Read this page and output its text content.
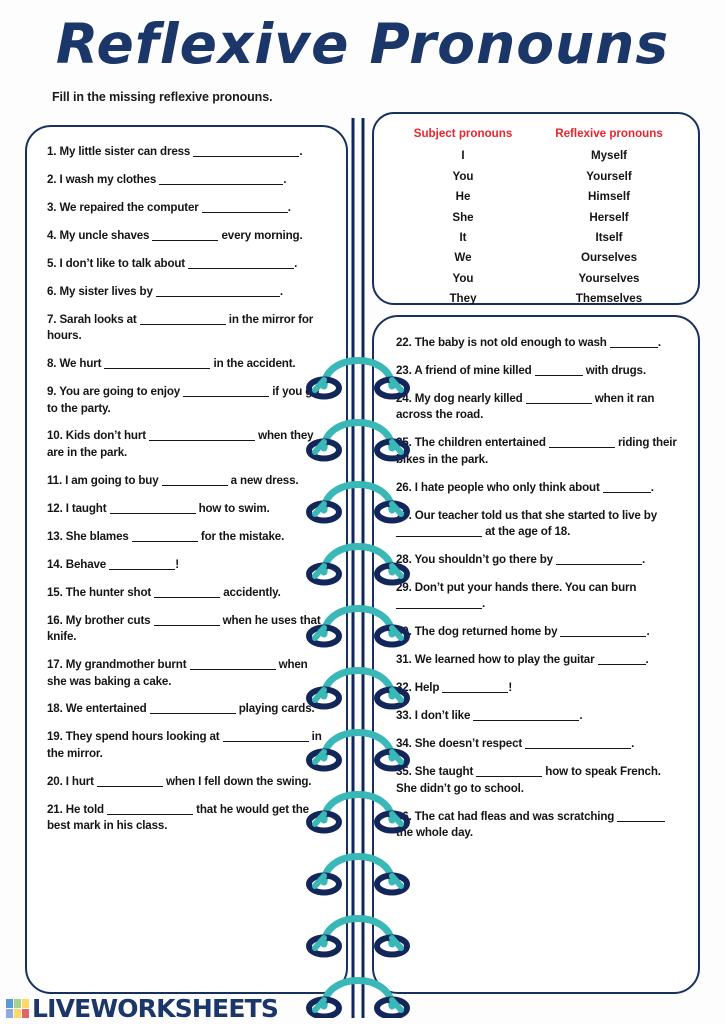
Reflexive Pronouns
Fill in the missing reflexive pronouns.
1. My little sister can dress	.
2. I wash my clothes	.
3. We repaired the computer	.
4. My uncle shaves	every morning.
5. I don’t like to talk about	.
6. My sister lives by	.
7. Sarah looks at	in the mirror for hours.
8. We hurt	in the accident.
9. You are going to enjoy	if you go to the party.
10. Kids don’t hurt	when they are in the park.
11. I am going to buy	a new dress.
12. I taught	how to swim.
13. She blames	for the mistake.
14. Behave	!
15. The hunter shot	accidently.
16. My brother cuts	when he uses that knife.
17. My grandmother burnt	when she was baking a cake.
18. We entertained	playing cards.
19. They spend hours looking at	in the mirror.
20. I hurt	when I fell down the swing.
21. He told	that he would get the best mark in his class.
Subject pronouns	Reflexive pronouns
I	Myself
You	Yourself
He	Himself
She	Herself
It	Itself
We	Ourselves
You	Yourselves
They	Themselves
22. The baby is not old enough to wash	.
23. A friend of mine killed	with drugs.
24. My dog nearly killed	when it ran across the road.
25. The children entertained	riding their bikes in the park.
26. I hate people who only think about	.
27. Our teacher told us that she started to live by  at the age of 18.
28. You shouldn’t go there by	.
29. Don’t put your hands there. You can burn .
30. The dog returned home by	.
31. We learned how to play the guitar	.
32. Help	!
33. I don’t like	.
34. She doesn’t respect	.
35. She taught	how to speak French. She didn’t go to school.
36. The cat had fleas and was scratching  the whole day.
LIVEWORKSHEETS
